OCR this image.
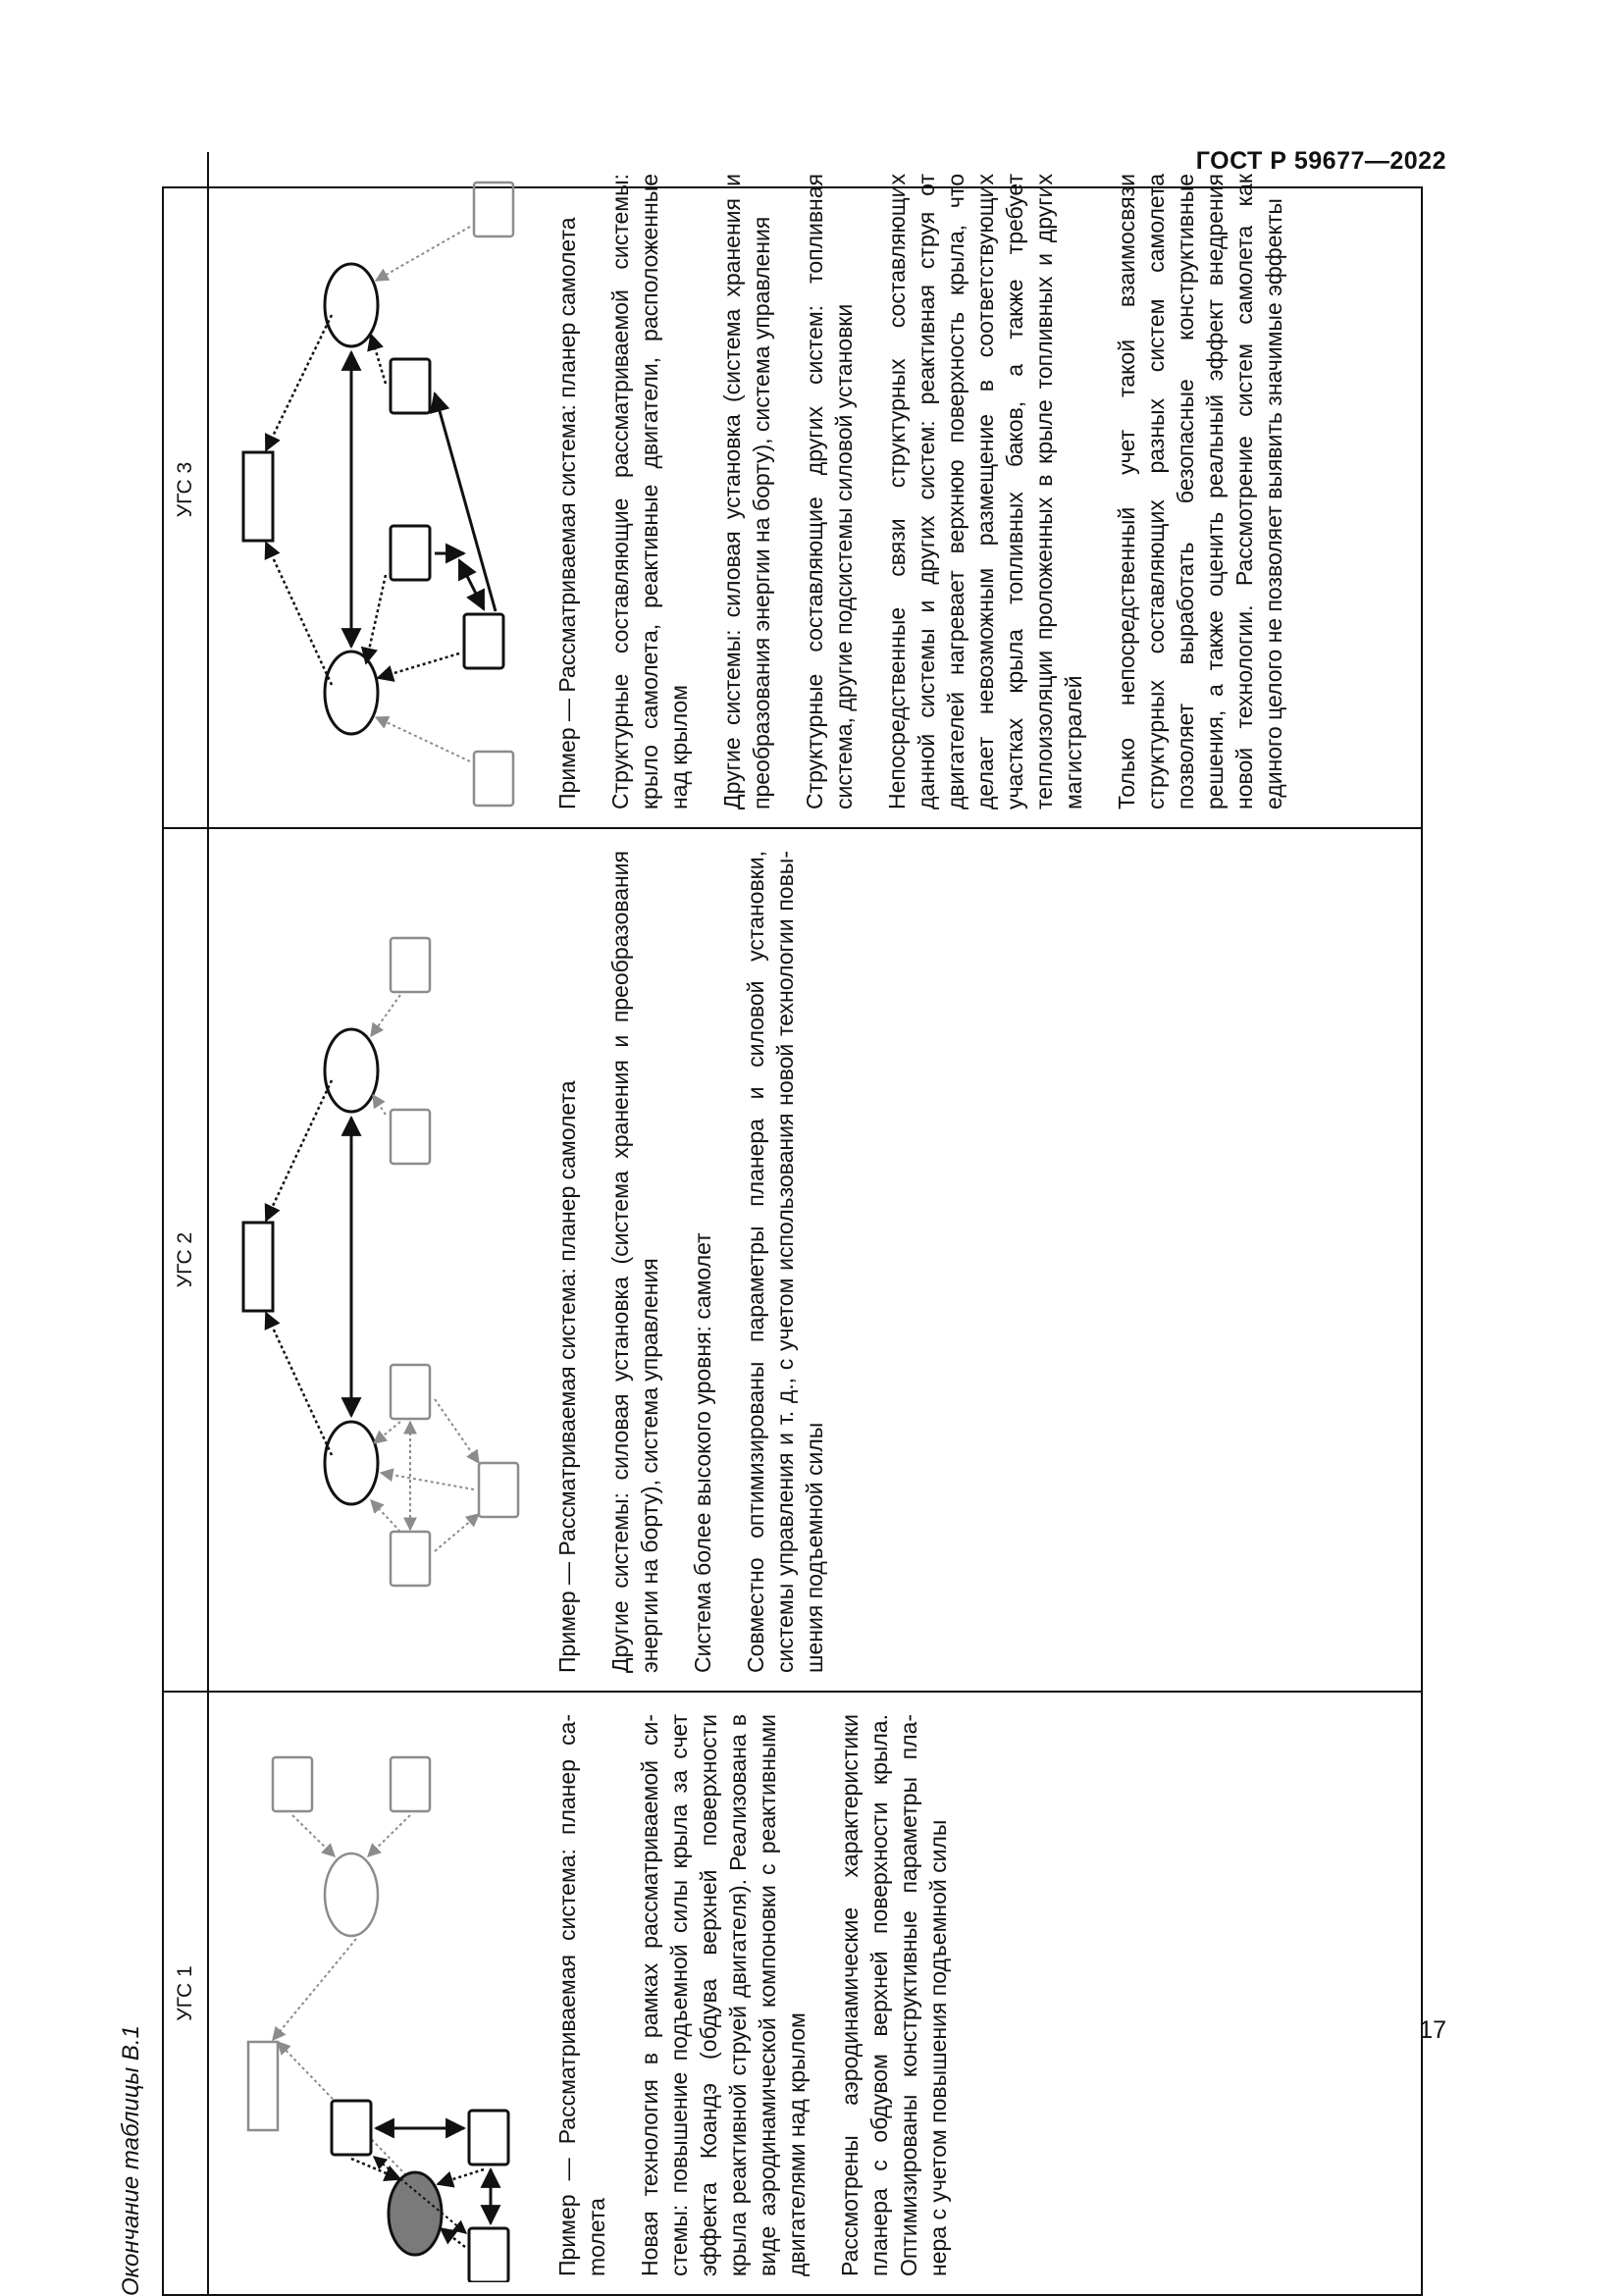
ГОСТ Р 59677—2022
Окончание таблицы В.1
УГС 1
УГС 2
УГС 3

Пример — Рассматриваемая система: планер саmолета Новая технология в рамках рассматриваемой системы: повышение подъемной силы крыла за счет эффекта Коандэ (обдува верхней поверхности крыла реактивной струей двигателя). Реализована в виде аэродинамической компоновки с реактивными двигателями над крылом Рассмотрены аэродинамические характеристики планера с обдувом верхней поверхности крыла. Оптимизированы конструктивные параметры планера с учетом повышения подъемной силы

Пример — Рассматриваемая система: планер самолета Другие системы: силовая установка (система хранения и преобразования энергии на борту), система управления Система более высокого уровня: самолет Совместно оптимизированы параметры планера и силовой установки, системы управления и т. д., с учетом использования новой технологии повышения подъемной силы

Пример — Рассматриваемая система: планер самолета Структурные составляющие рассматриваемой системы: крыло самолета, реактивные двигатели, расположенные над крылом Другие системы: силовая установка (система хранения и преобразования энергии на борту), система управления Структурные составляющие других систем: топливная система, другие подсистемы силовой установки Непосредственные связи структурных составляющих данной системы и других систем: реактивная струя от двигателей нагревает верхнюю поверхность крыла, что делает невозможным размещение в соответствующих участках крыла топливных баков, а также требует теплоизоляции проложенных в крыле топливных и других магистралей Только непосредственный учет такой взаимосвязи структурных составляющих разных систем самолета позволяет выработать безопасные конструктивные решения, а также оценить реальный эффект внедрения новой технологии. Рассмотрение систем самолета как единого целого не позволяет выявить значимые эффекты

17
